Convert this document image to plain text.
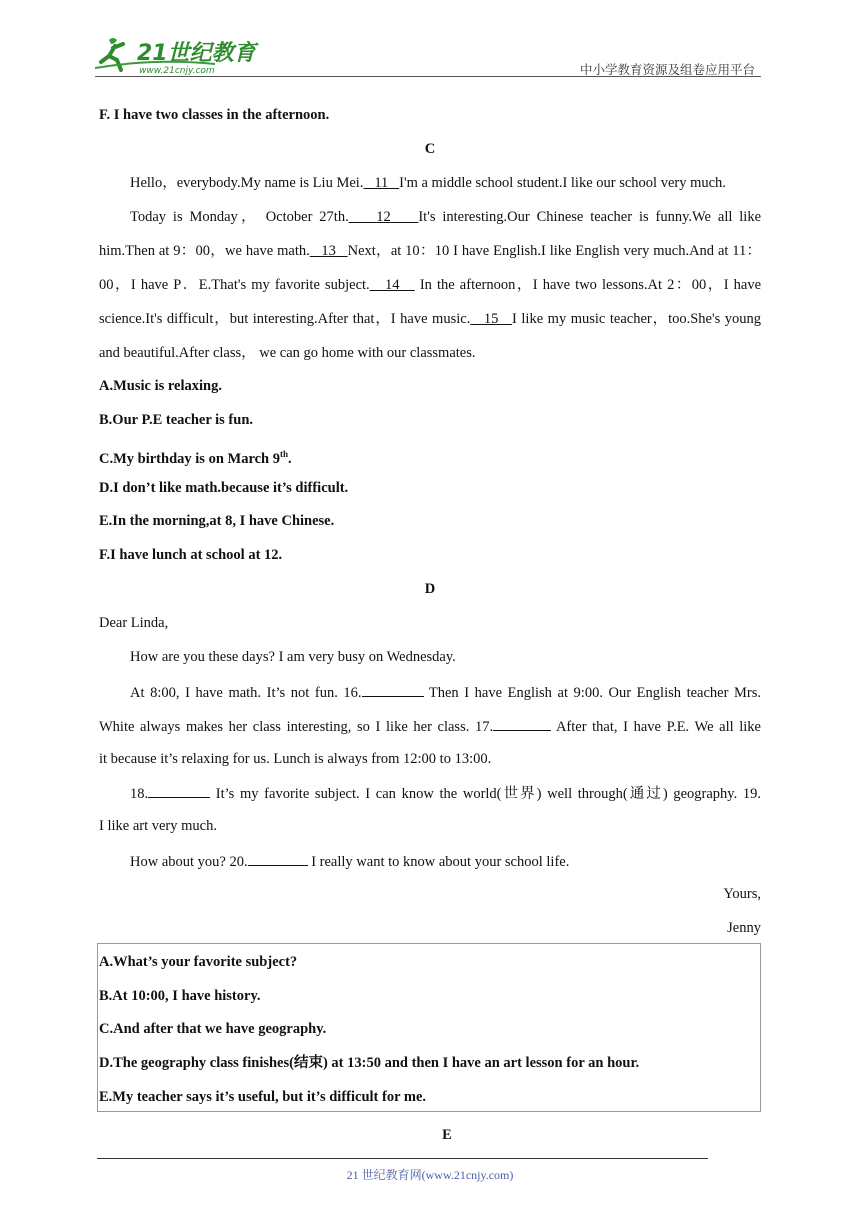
21世纪教育
www.21cnjy.com	中小学教育资源及组卷应用平台
F. I have two classes in the afternoon.
C
Hello，everybody.My name is Liu Mei. 11 I'm a middle school student.I like our school very much.
Today is Monday， October 27th. 12 It's interesting.Our Chinese teacher is funny.We all like
him.Then at 9：00，we have math. 13 Next，at 10：10 I have English.I like English very much.And at 11：
00，I have P．E.That's my favorite subject. 14    In the afternoon，I have two lessons.At 2：00，I have
science.It's difficult，but interesting.After that，I have music. 15 I like my music teacher，too.She's young
and beautiful.After class， we can go home with our classmates.
A.Music is relaxing.
B.Our P.E teacher is fun.
C.My birthday is on March 9th.
D.I don’t like math.because it’s difficult.
E.In the morning,at 8, I have Chinese.
F.I have lunch at school at 12.
D
Dear Linda,
How are you these days? I am very busy on Wednesday.
At 8:00, I have math. It’s not fun. 16.	Then I have English at 9:00. Our English teacher Mrs.
White always makes her class interesting, so I like her class. 17.	After that, I have P.E. We all like
it because it’s relaxing for us. Lunch is always from 12:00 to 13:00.
18.	It’s my favorite subject. I can know the world(世界) well through(通过) geography. 19.
I like art very much.
How about you? 20.	I really want to know about your school life.
Yours,
Jenny
A.What’s your favorite subject?
B.At 10:00, I have history.
C.And after that we have geography.
D.The geography class finishes(结束) at 13:50 and then I have an art lesson for an hour.
E.My teacher says it’s useful, but it’s difficult for me.
E
21 世纪教育网(www.21cnjy.com)
